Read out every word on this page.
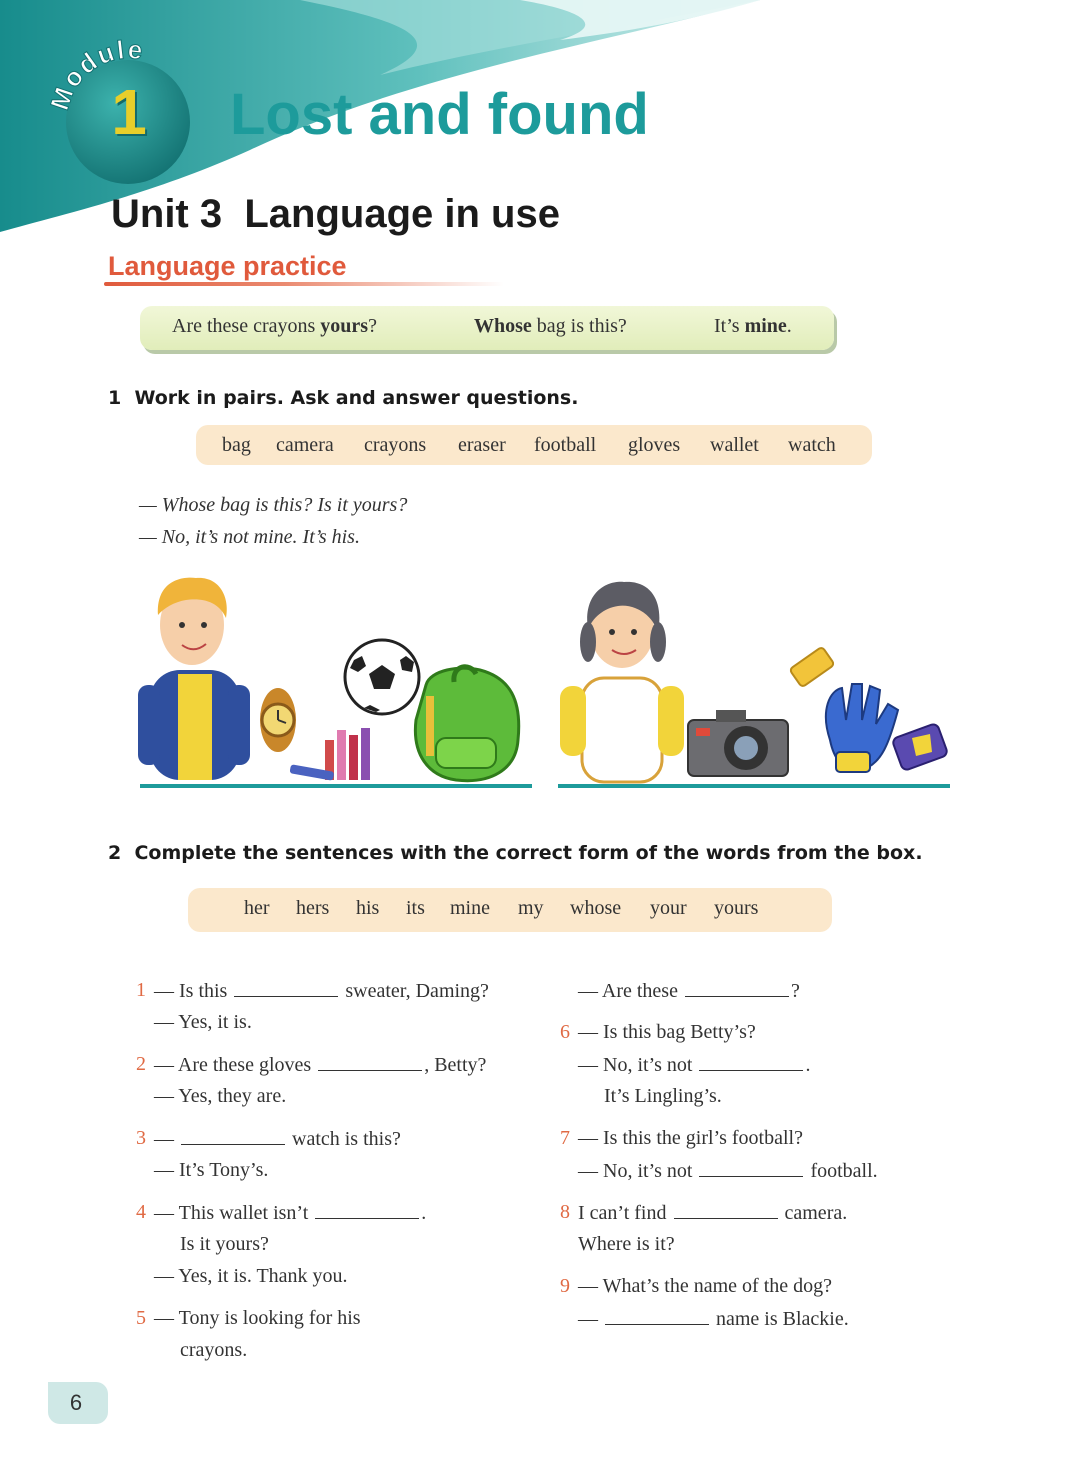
Module
1 Lost and found
Unit 3  Language in use
Language practice
Are these crayons yours?	Whose bag is this?	It’s mine.
1 Work in pairs. Ask and answer questions.
bag camera crayons eraser football gloves wallet watch
— Whose bag is this? Is it yours?
— No, it’s not mine. It’s his.
2 Complete the sentences with the correct form of the words from the box.
her hers his its mine my whose your yours
1 — Is this	sweater, Daming?
— Yes, it is.
2 — Are these gloves	, Betty?
— Yes, they are.
3 —	watch is this?
— It’s Tony’s.
4 — This wallet isn’t	.
Is it yours?
— Yes, it is. Thank you.
5 — Tony is looking for his
crayons.
— Are these	?
6 — Is this bag Betty’s?
— No, it’s not	.
It’s Lingling’s.
7 — Is this the girl’s football?
— No, it’s not	football.
8 I can’t find	camera.
Where is it?
9 — What’s the name of the dog?
—	name is Blackie.
6
